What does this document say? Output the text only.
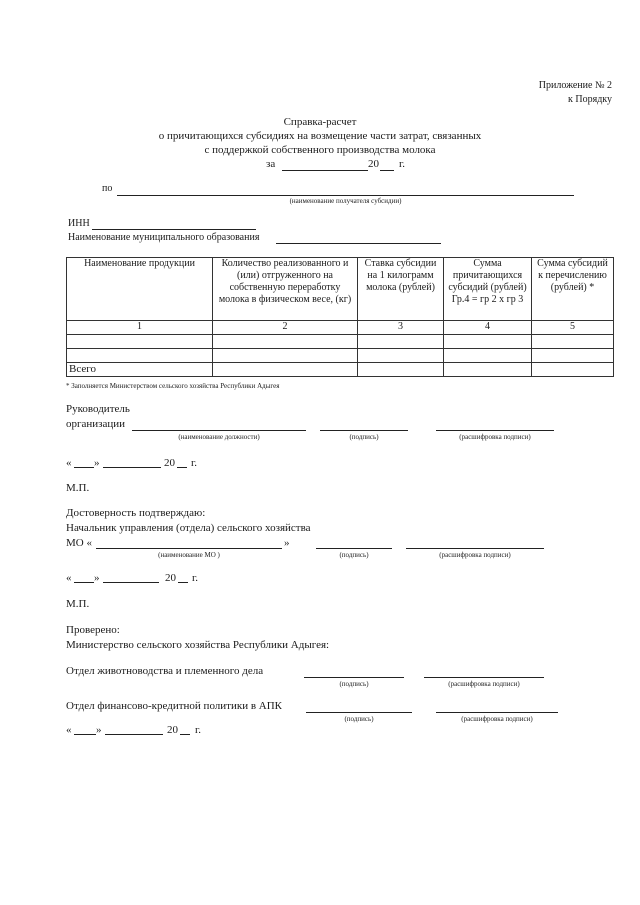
Приложение № 2
к Порядку
Справка-расчет
о причитающихся субсидиях на возмещение части затрат, связанных
с поддержкой собственного производства молока
за	20 г.
по
(наименование получателя субсидии)
ИНН
Наименование муниципального образования
Наименование продукции	Количество реализованного и (или) отгруженного на собственную переработку молока в физическом весе, (кг)	Ставка субсидии на 1 килограмм молока (рублей)	Сумма причитающихся субсидий (рублей) Гр.4 = гр 2 х гр 3	Сумма субсидий к перечислению (рублей) *
1	2	3	4	5

Всего				
* Заполняется Министерством сельского хозяйства Республики Адыгея
Руководитель
организации
(наименование должности)	(подпись)	(расшифровка подписи)
« »	20 г.
М.П.
Достоверность подтверждаю:
Начальник управления (отдела) сельского хозяйства
МО «	»
(наименование МО )	(подпись)	(расшифровка подписи)
« »	20 г.
М.П.
Проверено:
Министерство сельского хозяйства Республики Адыгея:
Отдел животноводства и племенного дела
(подпись)	(расшифровка подписи)
Отдел финансово-кредитной политики в АПК
(подпись)	(расшифровка подписи)
« »	20 г.
